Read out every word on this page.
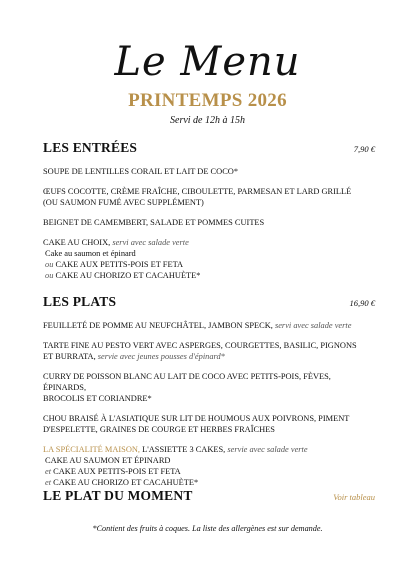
Le Menu
PRINTEMPS 2026
Servi de 12h à 15h
LES ENTRÉES	7,90 €

SOUPE DE LENTILLES CORAIL ET LAIT DE COCO*

ŒUFS COCOTTE, CRÈME FRAÎCHE, CIBOULETTE, PARMESAN ET LARD GRILLÉ
(OU SAUMON FUMÉ AVEC SUPPLÉMENT)

BEIGNET DE CAMEMBERT, SALADE ET POMMES CUITES

CAKE AU CHOIX, servi avec salade verte

Cake au saumon et épinard

ou CAKE AUX PETITS-POIS ET FETA

ou CAKE AU CHORIZO ET CACAHUÈTE*

LES PLATS	16,90 €

FEUILLETÉ DE POMME AU NEUFCHÂTEL, JAMBON SPECK, servi avec salade verte

TARTE FINE AU PESTO VERT AVEC ASPERGES, COURGETTES, BASILIC, PIGNONS
ET BURRATA, servie avec jeunes pousses d'épinard*

CURRY DE POISSON BLANC AU LAIT DE COCO AVEC PETITS-POIS, FÈVES, ÉPINARDS,
BROCOLIS ET CORIANDRE*

CHOU BRAISÉ À L'ASIATIQUE SUR LIT DE HOUMOUS AUX POIVRONS, PIMENT
D'ESPELETTE, GRAINES DE COURGE ET HERBES FRAÎCHES

LA SPÉCIALITÉ MAISON, L'ASSIETTE 3 CAKES, servie avec salade verte

CAKE AU SAUMON ET ÉPINARD

et CAKE AUX PETITS-POIS ET FETA

et CAKE AU CHORIZO ET CACAHUÈTE*

LE PLAT DU MOMENT	Voir tableau
*Contient des fruits à coques. La liste des allergènes est sur demande.
